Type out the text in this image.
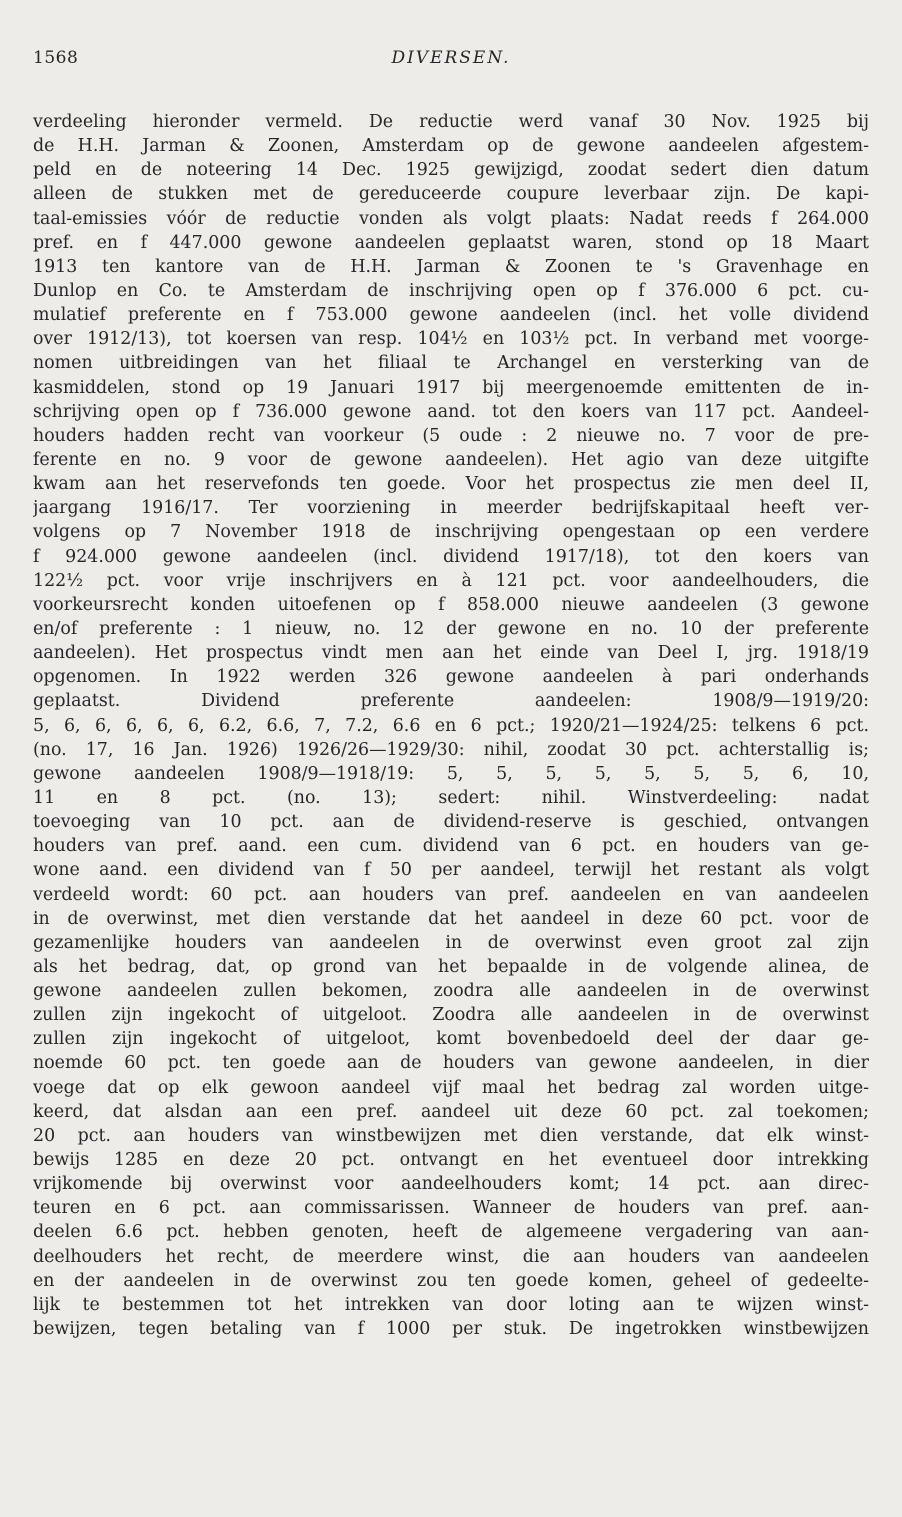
1568	DIVERSEN.
verdeeling hieronder vermeld. De reductie werd vanaf 30 Nov. 1925 bij
de H.H. Jarman & Zoonen, Amsterdam op de gewone aandeelen afgestem-
peld en de noteering 14 Dec. 1925 gewijzigd, zoodat sedert dien datum
alleen de stukken met de gereduceerde coupure leverbaar zijn. De kapi-
taal-emissies vóór de reductie vonden als volgt plaats: Nadat reeds f 264.000
pref. en f 447.000 gewone aandeelen geplaatst waren, stond op 18 Maart
1913 ten kantore van de H.H. Jarman & Zoonen te 's Gravenhage en
Dunlop en Co. te Amsterdam de inschrijving open op f 376.000 6 pct. cu-
mulatief preferente en f 753.000 gewone aandeelen (incl. het volle dividend
over 1912/13), tot koersen van resp. 104½ en 103½ pct. In verband met voorge-
nomen uitbreidingen van het filiaal te Archangel en versterking van de
kasmiddelen, stond op 19 Januari 1917 bij meergenoemde emittenten de in-
schrijving open op f 736.000 gewone aand. tot den koers van 117 pct. Aandeel-
houders hadden recht van voorkeur (5 oude : 2 nieuwe no. 7 voor de pre-
ferente en no. 9 voor de gewone aandeelen). Het agio van deze uitgifte
kwam aan het reservefonds ten goede. Voor het prospectus zie men deel II,
jaargang 1916/17. Ter voorziening in meerder bedrijfskapitaal heeft ver-
volgens op 7 November 1918 de inschrijving opengestaan op een verdere
f 924.000 gewone aandeelen (incl. dividend 1917/18), tot den koers van
122½ pct. voor vrije inschrijvers en à 121 pct. voor aandeelhouders, die
voorkeursrecht konden uitoefenen op f 858.000 nieuwe aandeelen (3 gewone
en/of preferente : 1 nieuw, no. 12 der gewone en no. 10 der preferente
aandeelen). Het prospectus vindt men aan het einde van Deel I, jrg. 1918/19
opgenomen. In 1922 werden 326 gewone aandeelen à pari onderhands
geplaatst. Dividend preferente aandeelen: 1908/9—1919/20:
5, 6, 6, 6, 6, 6, 6.2, 6.6, 7, 7.2, 6.6 en 6 pct.; 1920/21—1924/25: telkens 6 pct.
(no. 17, 16 Jan. 1926) 1926/26—1929/30: nihil, zoodat 30 pct. achterstallig is;
gewone aandeelen 1908/9—1918/19: 5, 5, 5, 5, 5, 5, 5, 6, 10,
11 en 8 pct. (no. 13); sedert: nihil. Winstverdeeling: nadat
toevoeging van 10 pct. aan de dividend-reserve is geschied, ontvangen
houders van pref. aand. een cum. dividend van 6 pct. en houders van ge-
wone aand. een dividend van f 50 per aandeel, terwijl het restant als volgt
verdeeld wordt: 60 pct. aan houders van pref. aandeelen en van aandeelen
in de overwinst, met dien verstande dat het aandeel in deze 60 pct. voor de
gezamenlijke houders van aandeelen in de overwinst even groot zal zijn
als het bedrag, dat, op grond van het bepaalde in de volgende alinea, de
gewone aandeelen zullen bekomen, zoodra alle aandeelen in de overwinst
zullen zijn ingekocht of uitgeloot. Zoodra alle aandeelen in de overwinst
zullen zijn ingekocht of uitgeloot, komt bovenbedoeld deel der daar ge-
noemde 60 pct. ten goede aan de houders van gewone aandeelen, in dier
voege dat op elk gewoon aandeel vijf maal het bedrag zal worden uitge-
keerd, dat alsdan aan een pref. aandeel uit deze 60 pct. zal toekomen;
20 pct. aan houders van winstbewijzen met dien verstande, dat elk winst-
bewijs 1285 en deze 20 pct. ontvangt en het eventueel door intrekking
vrijkomende bij overwinst voor aandeelhouders komt; 14 pct. aan direc-
teuren en 6 pct. aan commissarissen. Wanneer de houders van pref. aan-
deelen 6.6 pct. hebben genoten, heeft de algemeene vergadering van aan-
deelhouders het recht, de meerdere winst, die aan houders van aandeelen
en der aandeelen in de overwinst zou ten goede komen, geheel of gedeelte-
lijk te bestemmen tot het intrekken van door loting aan te wijzen winst-
bewijzen, tegen betaling van f 1000 per stuk. De ingetrokken winstbewijzen
